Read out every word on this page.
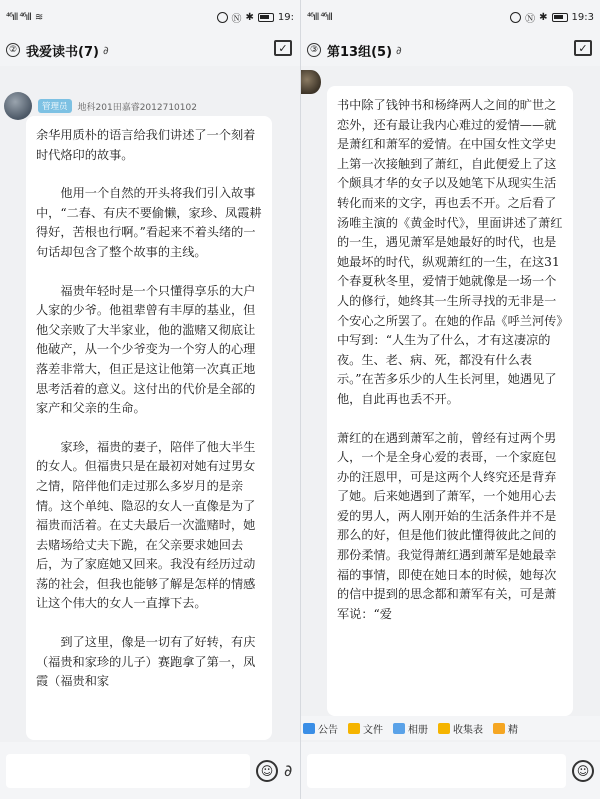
⁴⁶ıll ⁴⁶ıll ≋	Ⓝ ✱ 19:
② 我爱读书(7) ∂	✓
管理员	地科201田嘉睿2012710102

余华用质朴的语言给我们讲述了一个刻着时代烙印的故事。

他用一个自然的开头将我们引入故事中，“二春、有庆不要偷懒，家珍、凤霞耕得好，苦根也行啊。”看起来不着头绪的一句话却包含了整个故事的主线。

福贵年轻时是一个只懂得享乐的大户人家的少爷。他祖辈曾有丰厚的基业，但他父亲败了大半家业，他的滥赌又彻底让他破产，从一个少爷变为一个穷人的心理落差非常大，但正是这让他第一次真正地思考活着的意义。这付出的代价是全部的家产和父亲的生命。

家珍，福贵的妻子，陪伴了他大半生的女人。但福贵只是在最初对她有过男女之情，陪伴他们走过那么多岁月的是亲情。这个单纯、隐忍的女人一直像是为了福贵而活着。在丈夫最后一次滥赌时，她去赌场给丈夫下跪，在父亲要求她回去后，为了家庭她又回来。我没有经历过动荡的社会，但我也能够了解是怎样的情感让这个伟大的女人一直撑下去。

到了这里，像是一切有了好转，有庆（福贵和家珍的儿子）赛跑拿了第一，凤霞（福贵和家

☺ ∂
⁴⁶ıll ⁴⁶ıll	Ⓝ ✱ 19:3
③ 第13组(5) ∂	✓

书中除了钱钟书和杨绛两人之间的旷世之恋外，还有最让我内心难过的爱情——就是萧红和萧军的爱情。在中国女性文学史上第一次接触到了萧红，自此便爱上了这个颇具才华的女子以及她笔下从现实生活转化而来的文字，再也丢不开。之后看了汤唯主演的《黄金时代》，里面讲述了萧红的一生，遇见萧军是她最好的时代，也是她最坏的时代，纵观萧红的一生，在这31个春夏秋冬里，爱情于她就像是一场一个人的修行，她终其一生所寻找的无非是一个安心之所罢了。在她的作品《呼兰河传》中写到：“人生为了什么，才有这凄凉的夜。生、老、病、死，都没有什么表示。”在苦多乐少的人生长河里，她遇见了他，自此再也丢不开。

萧红的在遇到萧军之前，曾经有过两个男人，一个是全身心爱的表哥，一个家庭包办的汪恩甲，可是这两个人终究还是背弃了她。后来她遇到了萧军，一个她用心去爱的男人，两人刚开始的生活条件并不是那么的好，但是他们彼此懂得彼此之间的那份柔情。我觉得萧红遇到萧军是她最幸福的事情，即使在她日本的时候，她每次的信中提到的思念都和萧军有关，可是萧军说：“爱

公告	文件	相册	收集表	精
☺
